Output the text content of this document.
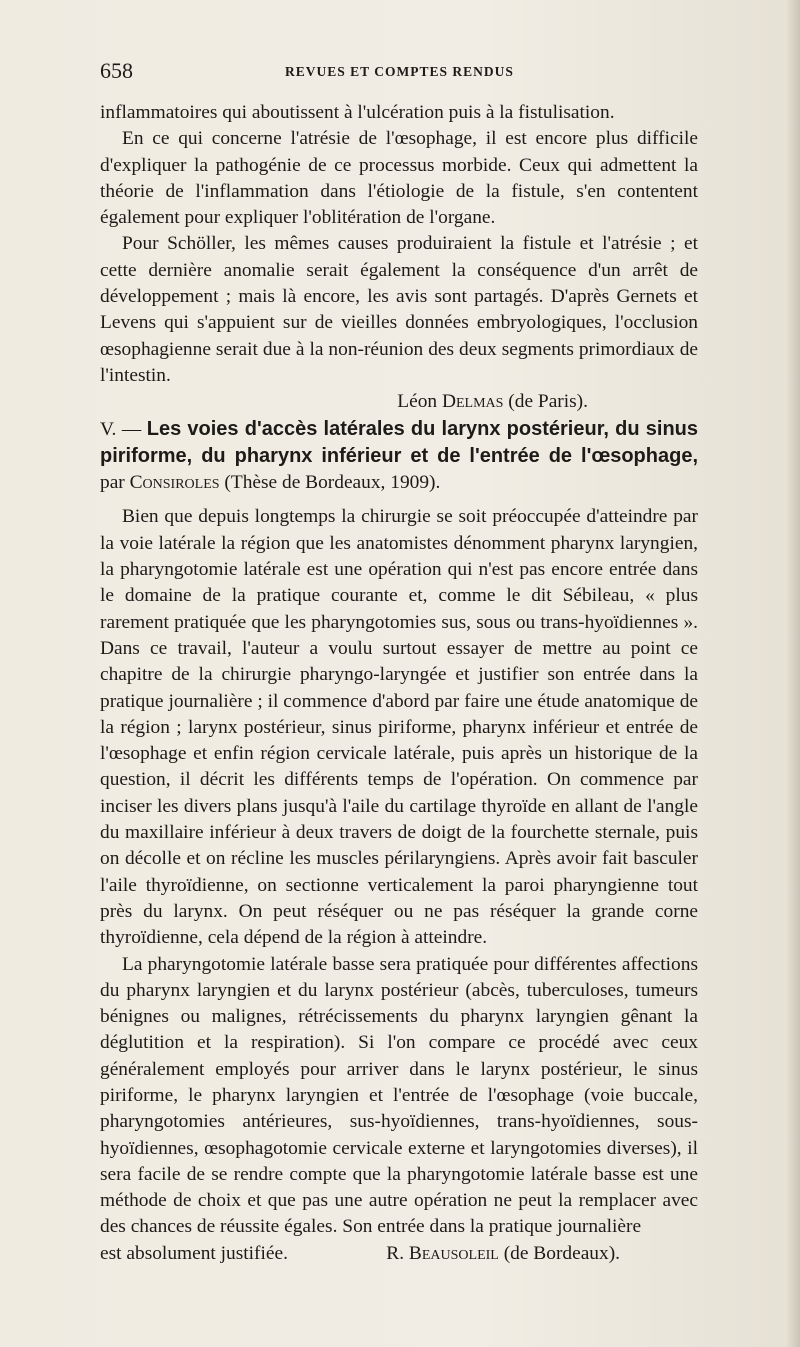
658	REVUES ET COMPTES RENDUS

inflammatoires qui aboutissent à l'ulcération puis à la fistulisation.

En ce qui concerne l'atrésie de l'œsophage, il est encore plus difficile d'expliquer la pathogénie de ce processus morbide. Ceux qui admettent la théorie de l'inflammation dans l'étiologie de la fistule, s'en contentent également pour expliquer l'oblitération de l'organe.

Pour Schöller, les mêmes causes produiraient la fistule et l'atrésie ; et cette dernière anomalie serait également la conséquence d'un arrêt de développement ; mais là encore, les avis sont partagés. D'après Gernets et Levens qui s'appuient sur de vieilles données embryologiques, l'occlusion œsophagienne serait due à la non-réunion des deux segments primordiaux de l'intestin.

Léon Delmas (de Paris).

V. — Les voies d'accès latérales du larynx postérieur, du sinus piriforme, du pharynx inférieur et de l'entrée de l'œsophage, par Consiroles (Thèse de Bordeaux, 1909).

Bien que depuis longtemps la chirurgie se soit préoccupée d'atteindre par la voie latérale la région que les anatomistes dénomment pharynx laryngien, la pharyngotomie latérale est une opération qui n'est pas encore entrée dans le domaine de la pratique courante et, comme le dit Sébileau, « plus rarement pratiquée que les pharyngotomies sus, sous ou trans-hyoïdiennes ». Dans ce travail, l'auteur a voulu surtout essayer de mettre au point ce chapitre de la chirurgie pharyngo-laryngée et justifier son entrée dans la pratique journalière ; il commence d'abord par faire une étude anatomique de la région ; larynx postérieur, sinus piriforme, pharynx inférieur et entrée de l'œsophage et enfin région cervicale latérale, puis après un historique de la question, il décrit les différents temps de l'opération. On commence par inciser les divers plans jusqu'à l'aile du cartilage thyroïde en allant de l'angle du maxillaire inférieur à deux travers de doigt de la fourchette sternale, puis on décolle et on récline les muscles périlaryngiens. Après avoir fait basculer l'aile thyroïdienne, on sectionne verticalement la paroi pharyngienne tout près du larynx. On peut réséquer ou ne pas réséquer la grande corne thyroïdienne, cela dépend de la région à atteindre.

La pharyngotomie latérale basse sera pratiquée pour différentes affections du pharynx laryngien et du larynx postérieur (abcès, tuberculoses, tumeurs bénignes ou malignes, rétrécissements du pharynx laryngien gênant la déglutition et la respiration). Si l'on compare ce procédé avec ceux généralement employés pour arriver dans le larynx postérieur, le sinus piriforme, le pharynx laryngien et l'entrée de l'œsophage (voie buccale, pharyngotomies antérieures, sus-hyoïdiennes, trans-hyoïdiennes, sous-hyoïdiennes, œsophagotomie cervicale externe et laryngotomies diverses), il sera facile de se rendre compte que la pharyngotomie latérale basse est une méthode de choix et que pas une autre opération ne peut la remplacer avec des chances de réussite égales. Son entrée dans la pratique journalière

est absolument justifiée.	R. Beausoleil (de Bordeaux).
